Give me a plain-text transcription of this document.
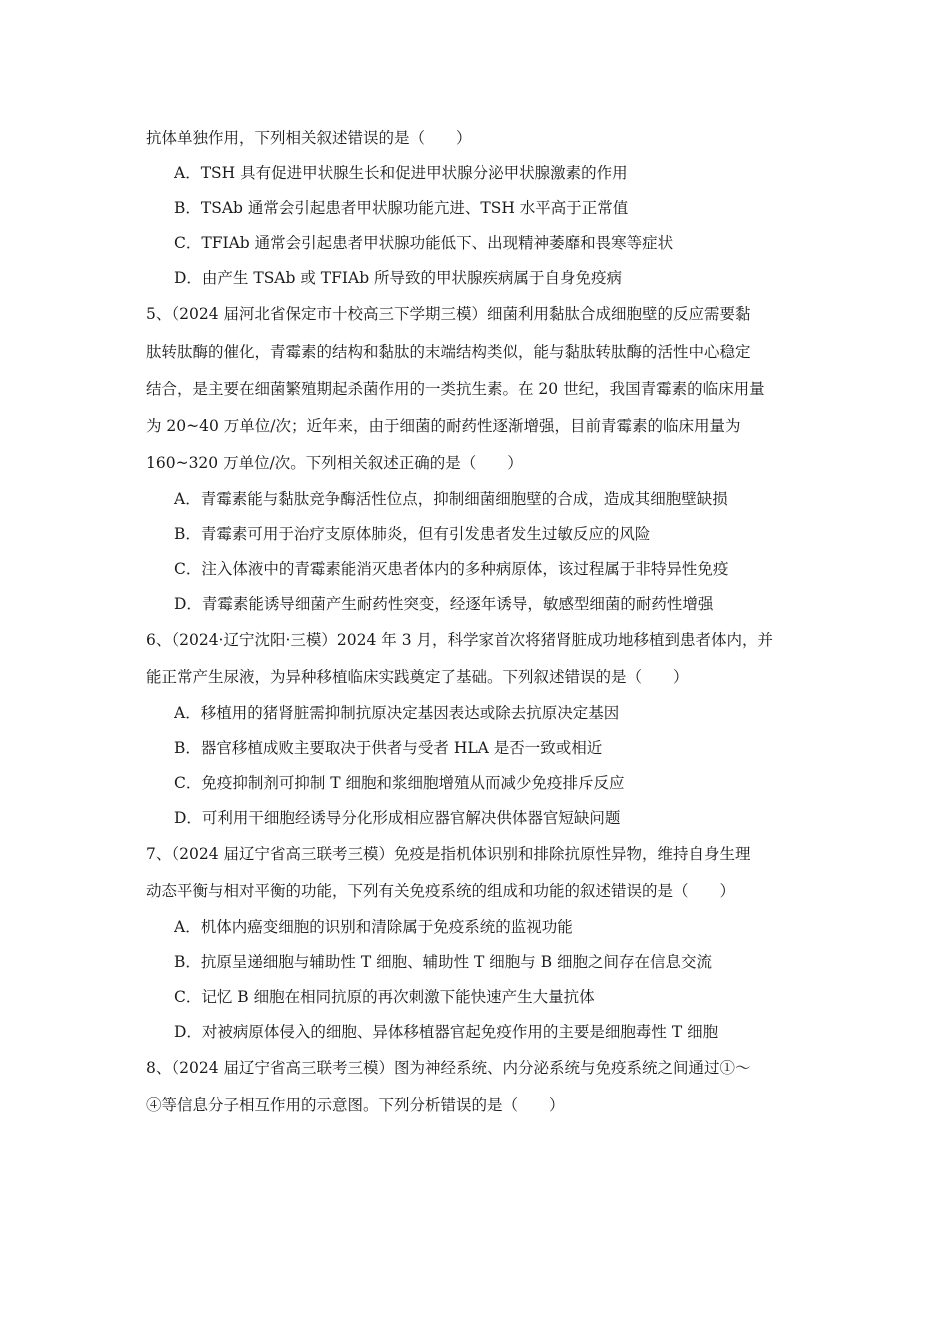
抗体单独作用，下列相关叙述错误的是（　　）
A．TSH 具有促进甲状腺生长和促进甲状腺分泌甲状腺激素的作用
B．TSAb 通常会引起患者甲状腺功能亢进、TSH 水平高于正常值
C．TFIAb 通常会引起患者甲状腺功能低下、出现精神萎靡和畏寒等症状
D．由产生 TSAb 或 TFIAb 所导致的甲状腺疾病属于自身免疫病
5、（2024 届河北省保定市十校高三下学期三模）细菌利用黏肽合成细胞壁的反应需要黏
肽转肽酶的催化，青霉素的结构和黏肽的末端结构类似，能与黏肽转肽酶的活性中心稳定
结合，是主要在细菌繁殖期起杀菌作用的一类抗生素。在 20 世纪，我国青霉素的临床用量
为 20~40 万单位/次；近年来，由于细菌的耐药性逐渐增强，目前青霉素的临床用量为
160~320 万单位/次。下列相关叙述正确的是（　　）
A．青霉素能与黏肽竞争酶活性位点，抑制细菌细胞壁的合成，造成其细胞壁缺损
B．青霉素可用于治疗支原体肺炎，但有引发患者发生过敏反应的风险
C．注入体液中的青霉素能消灭患者体内的多种病原体，该过程属于非特异性免疫
D．青霉素能诱导细菌产生耐药性突变，经逐年诱导，敏感型细菌的耐药性增强
6、（2024·辽宁沈阳·三模）2024 年 3 月，科学家首次将猪肾脏成功地移植到患者体内，并
能正常产生尿液，为异种移植临床实践奠定了基础。下列叙述错误的是（　　）
A．移植用的猪肾脏需抑制抗原决定基因表达或除去抗原决定基因
B．器官移植成败主要取决于供者与受者 HLA 是否一致或相近
C．免疫抑制剂可抑制 T 细胞和浆细胞增殖从而减少免疫排斥反应
D．可利用干细胞经诱导分化形成相应器官解决供体器官短缺问题
7、（2024 届辽宁省高三联考三模）免疫是指机体识别和排除抗原性异物，维持自身生理
动态平衡与相对平衡的功能，下列有关免疫系统的组成和功能的叙述错误的是（　　）
A．机体内癌变细胞的识别和清除属于免疫系统的监视功能
B．抗原呈递细胞与辅助性 T 细胞、辅助性 T 细胞与 B 细胞之间存在信息交流
C．记忆 B 细胞在相同抗原的再次刺激下能快速产生大量抗体
D．对被病原体侵入的细胞、异体移植器官起免疫作用的主要是细胞毒性 T 细胞
8、（2024 届辽宁省高三联考三模）图为神经系统、内分泌系统与免疫系统之间通过①～
④等信息分子相互作用的示意图。下列分析错误的是（　　）
